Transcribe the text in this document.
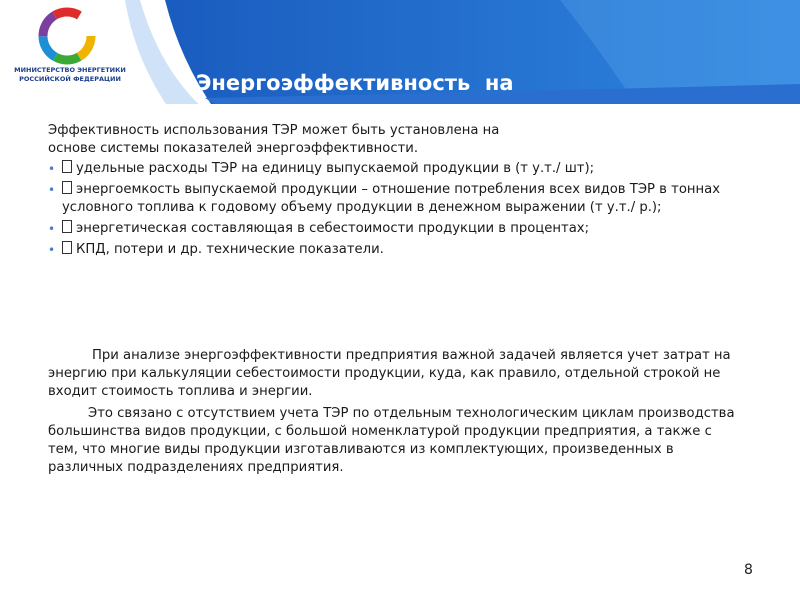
МИНИСТЕРСТВО ЭНЕРГЕТИКИ
РОССИЙСКОЙ ФЕДЕРАЦИИ

	Энергоэффективность  на

Эффективность использования ТЭР может быть установлена на

основе системы показателей энергоэффективности.

• удельные расходы ТЭР на единицу выпускаемой продукции в (т у.т./ шт);
• энергоемкость выпускаемой продукции – отношение потребления всех видов ТЭР в тоннах условного топлива к годовому объему продукции в денежном выражении (т у.т./ р.);
• энергетическая составляющая в себестоимости продукции в процентах;
• КПД, потери и др. технические показатели.

При анализе энергоэффективности предприятия важной задачей является учет затрат на энергию при калькуляции себестоимости продукции, куда, как правило, отдельной строкой не входит стоимость топлива и энергии.

Это связано с отсутствием учета ТЭР по отдельным технологическим циклам производства большинства видов продукции, с большой номенклатурой продукции предприятия, а также с тем, что многие виды продукции изготавливаются из комплектующих, произведенных в различных подразделениях предприятия.

8
